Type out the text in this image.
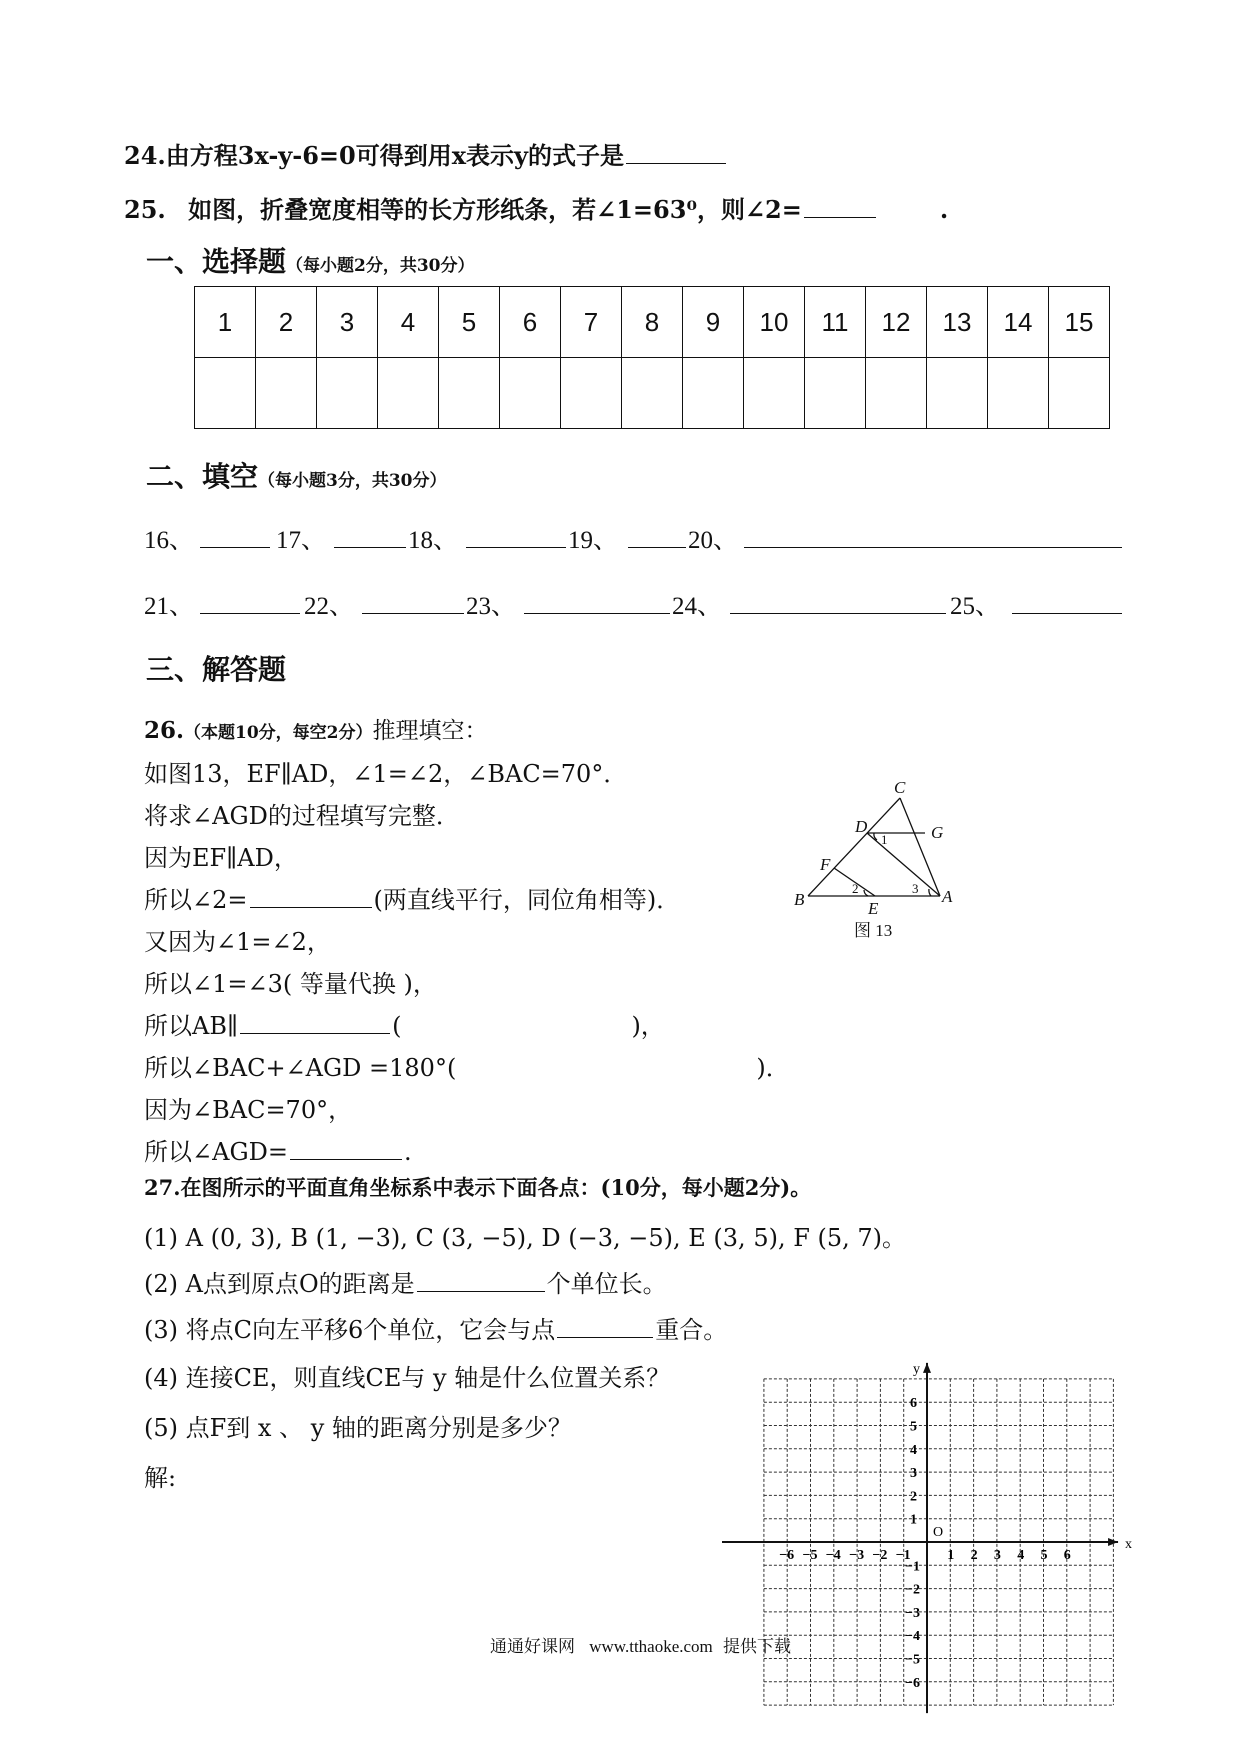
24.由方程3x-y-6=0可得到用x表示y的式子是
25. 如图，折叠宽度相等的长方形纸条，若∠1=63⁰，则∠2=	.
一、选择题（每小题2分，共30分）
1	2	3	4	5	6	7	8	9	10	11	12	13	14	15

二、填空（每小题3分，共30分）
16、	17、	18、	19、	20、
21、	22、	23、	24、	25、
三、解答题
26.（本题10分，每空2分）推理填空：
如图13，EF∥AD，∠1=∠2，∠BAC=70°．
将求∠AGD的过程填写完整．
因为EF∥AD，
所以∠2=	(两直线平行，同位角相等)．
又因为∠1=∠2，
所以∠1=∠3( 等量代换 )，
所以AB∥	(	)，
所以∠BAC+∠AGD =180°(	)．
因为∠BAC=70°，
所以∠AGD=	.
C
D	G
F
B	E
A
1
2	3
图 13
27.在图所示的平面直角坐标系中表示下面各点：(10分，每小题2分)。
(1) A (0, 3), B (1, −3), C (3, −5), D (−3, −5), E (3, 5), F (5, 7)。
(2) A点到原点O的距离是	个单位长。
(3) 将点C向左平移6个单位，它会与点	重合。
(4) 连接CE，则直线CE与 y 轴是什么位置关系？
(5) 点F到 x 、 y 轴的距离分别是多少？
解:
x
y
O
−6 −5 −4 −3 −2 −1	1 2 3 4 5 6
6
5
4
3
2
1
−1
−2
−3
−4
−5
−6
通通好课网 www.tthaoke.com 提供下载
